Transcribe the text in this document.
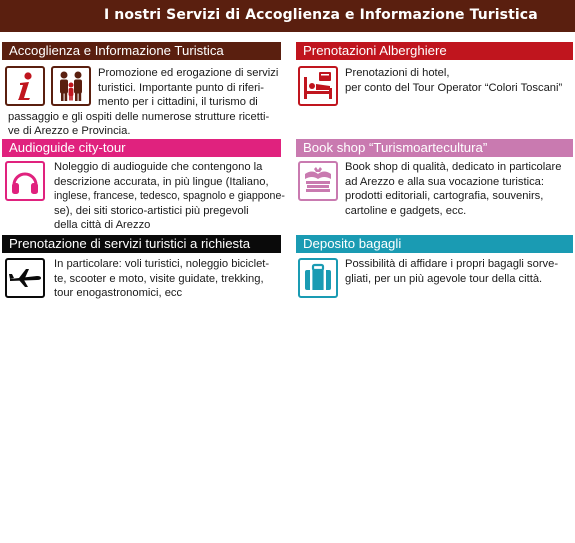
I nostri Servizi di Accoglienza e Informazione Turistica
Accoglienza e Informazione Turistica
Promozione ed erogazione di servizi
turistici. Importante punto di riferi-
mento per i cittadini, il turismo di
passaggio e gli ospiti delle numerose strutture ricetti-
ve di Arezzo e Provincia.
Prenotazioni Alberghiere
Prenotazioni di hotel,
per conto del Tour Operator “Colori Toscani”
Audioguide city-tour
Noleggio di audioguide che contengono la
descrizione accurata, in più lingue (Italiano,
inglese, francese, tedesco, spagnolo e giappone-
se), dei siti storico-artistici più pregevoli
della città di Arezzo
Book shop “Turismoartecultura”
Book shop di qualità, dedicato in particolare
ad Arezzo e alla sua vocazione turistica:
prodotti editoriali, cartografia, souvenirs,
cartoline e gadgets, ecc.
Prenotazione di servizi turistici a richiesta
In particolare: voli turistici, noleggio biciclet-
te, scooter e moto, visite guidate, trekking,
tour enogastronomici, ecc
Deposito bagagli
Possibilità di affidare i propri bagagli sorve-
gliati, per un più agevole tour della città.
